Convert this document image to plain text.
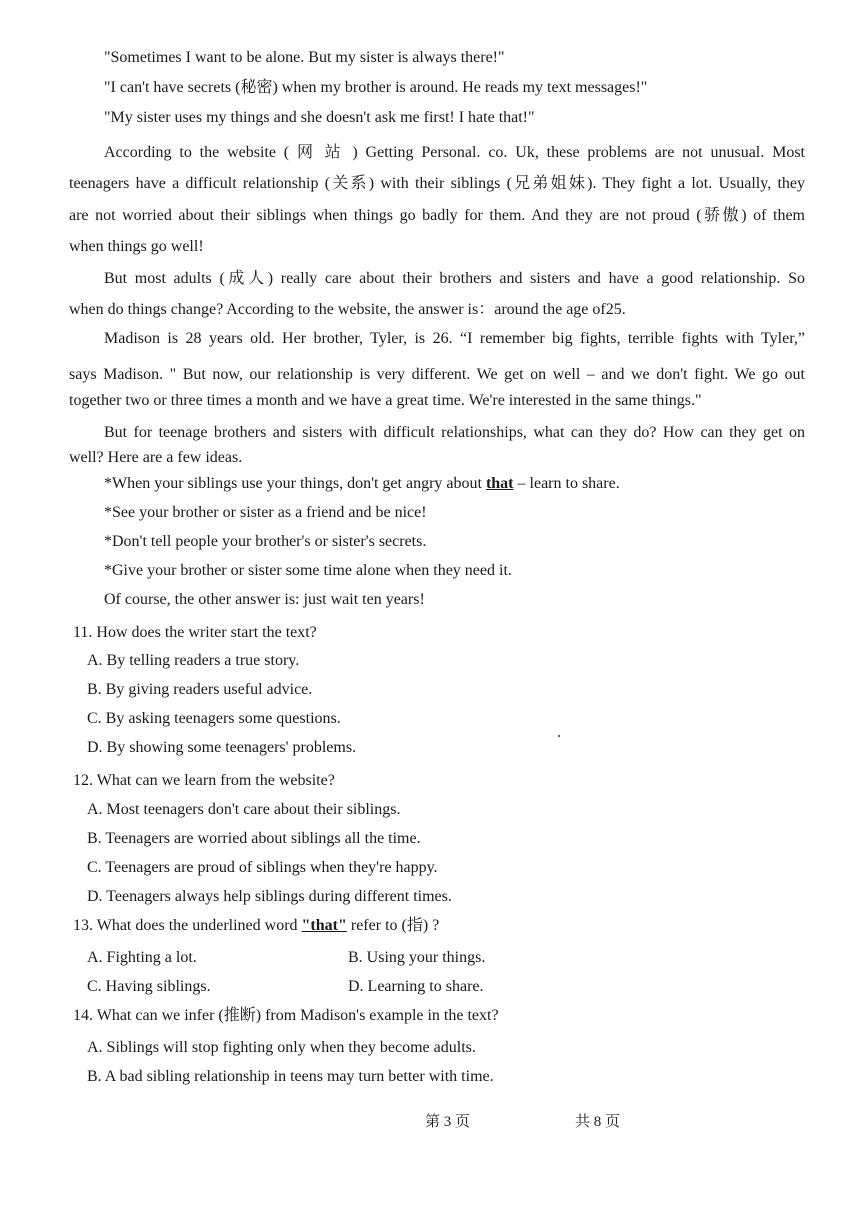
"Sometimes I want to be alone. But my sister is always there!"
"I can't have secrets (秘密) when my brother is around. He reads my text messages!"
"My sister uses my things and she doesn't ask me first! I hate that!"
According to the website ( 网 站 ) Getting Personal. co. Uk, these problems are not unusual. Most
teenagers have a difficult relationship (关系) with their siblings (兄弟姐妹). They fight a lot. Usually, they
are not worried about their siblings when things go badly for them. And they are not proud (骄傲) of them
when things go well!
But most adults (成人) really care about their brothers and sisters and have a good relationship. So
when do things change? According to the website, the answer is：around the age of25.
Madison is 28 years old. Her brother, Tyler, is 26. “I remember big fights, terrible fights with Tyler,”
says Madison. " But now, our relationship is very different. We get on well – and we don't fight. We go out
together two or three times a month and we have a great time. We're interested in the same things."
But for teenage brothers and sisters with difficult relationships, what can they do? How can they get on
well? Here are a few ideas.
*When your siblings use your things, don't get angry about that – learn to share.
*See your brother or sister as a friend and be nice!
*Don't tell people your brother's or sister's secrets.
*Give your brother or sister some time alone when they need it.
Of course, the other answer is: just wait ten years!
11. How does the writer start the text?
A. By telling readers a true story.
B. By giving readers useful advice.
C. By asking teenagers some questions.
D. By showing some teenagers' problems.
12. What can we learn from the website?
A. Most teenagers don't care about their siblings.
B. Teenagers are worried about siblings all the time.
C. Teenagers are proud of siblings when they're happy.
D. Teenagers always help siblings during different times.
13. What does the underlined word "that" refer to (指) ?
A. Fighting a lot.	B. Using your things.
C. Having siblings.	D. Learning to share.
14. What can we infer (推断) from Madison's example in the text?
A. Siblings will stop fighting only when they become adults.
B. A bad sibling relationship in teens may turn better with time.
第 3 页	共 8 页
